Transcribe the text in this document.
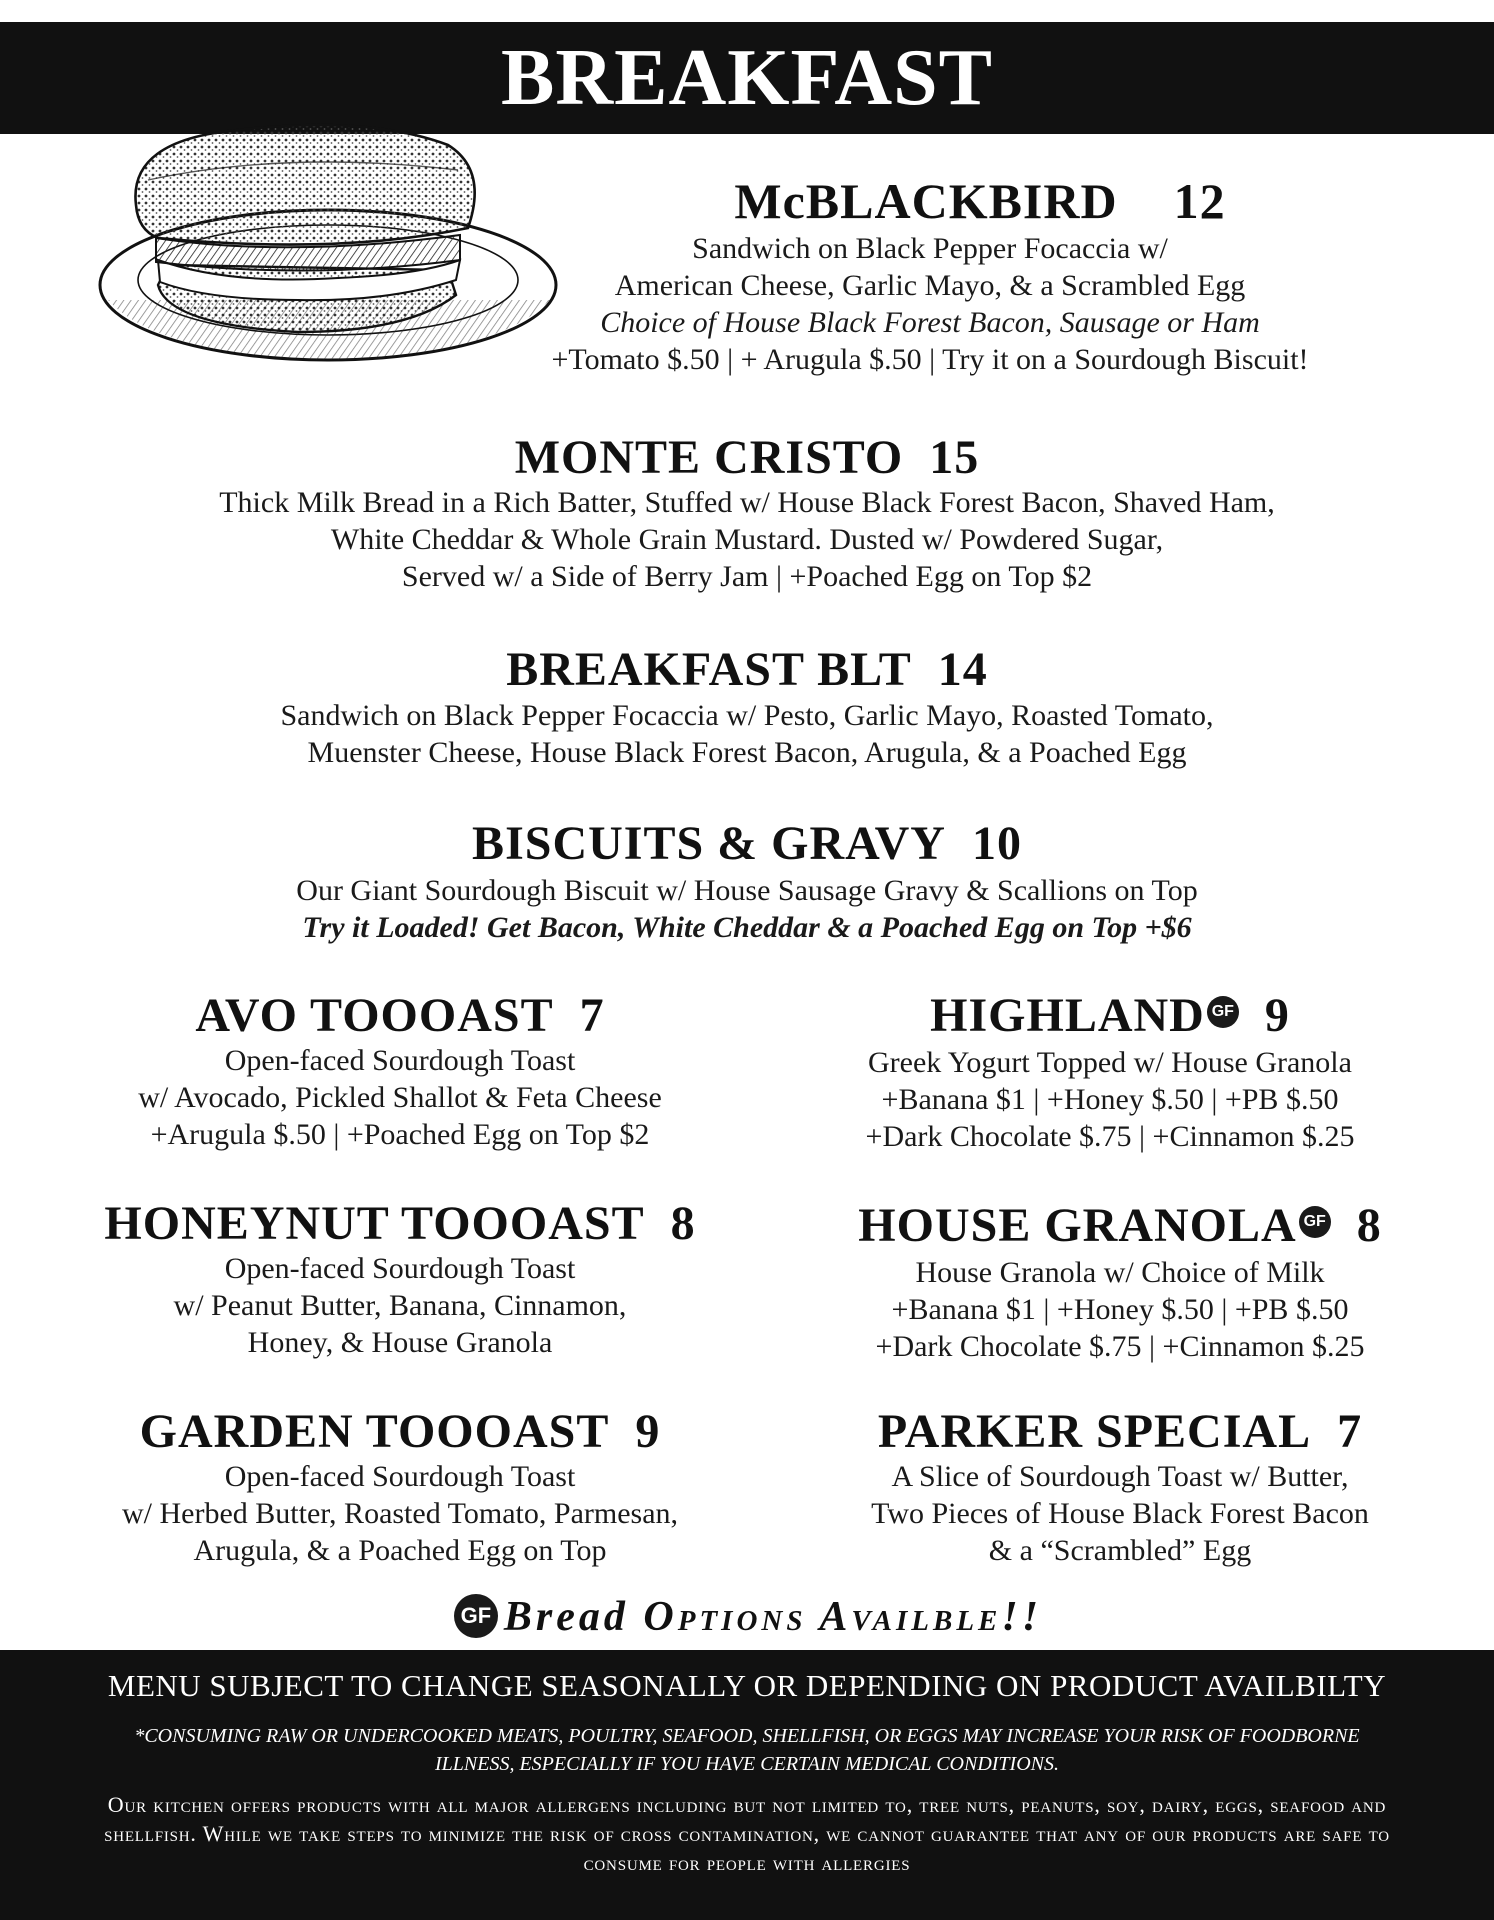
BREAKFAST
McBLACKBIRD 12
Sandwich on Black Pepper Focaccia w/
American Cheese, Garlic Mayo, & a Scrambled Egg
Choice of House Black Forest Bacon, Sausage or Ham
+Tomato $.50 | + Arugula $.50 | Try it on a Sourdough Biscuit!
MONTE CRISTO 15
Thick Milk Bread in a Rich Batter, Stuffed w/ House Black Forest Bacon, Shaved Ham,
White Cheddar & Whole Grain Mustard. Dusted w/ Powdered Sugar,
Served w/ a Side of Berry Jam | +Poached Egg on Top $2
BREAKFAST BLT 14
Sandwich on Black Pepper Focaccia w/ Pesto, Garlic Mayo, Roasted Tomato,
Muenster Cheese, House Black Forest Bacon, Arugula, & a Poached Egg
BISCUITS & GRAVY 10
Our Giant Sourdough Biscuit w/ House Sausage Gravy & Scallions on Top
Try it Loaded! Get Bacon, White Cheddar & a Poached Egg on Top +$6
AVO TOOOAST 7
Open-faced Sourdough Toast
w/ Avocado, Pickled Shallot & Feta Cheese
+Arugula $.50 | +Poached Egg on Top $2
HONEYNUT TOOOAST 8
Open-faced Sourdough Toast
w/ Peanut Butter, Banana, Cinnamon,
Honey, & House Granola
GARDEN TOOOAST 9
Open-faced Sourdough Toast
w/ Herbed Butter, Roasted Tomato, Parmesan,
Arugula, & a Poached Egg on Top
HIGHLAND GF 9
Greek Yogurt Topped w/ House Granola
+Banana $1 | +Honey $.50 | +PB $.50
+Dark Chocolate $.75 | +Cinnamon $.25
HOUSE GRANOLA GF 8
House Granola w/ Choice of Milk
+Banana $1 | +Honey $.50 | +PB $.50
+Dark Chocolate $.75 | +Cinnamon $.25
PARKER SPECIAL 7
A Slice of Sourdough Toast w/ Butter,
Two Pieces of House Black Forest Bacon
& a “Scrambled” Egg
GF Bread Options Availble!!
MENU SUBJECT TO CHANGE SEASONALLY OR DEPENDING ON PRODUCT AVAILBILTY
*CONSUMING RAW OR UNDERCOOKED MEATS, POULTRY, SEAFOOD, SHELLFISH, OR EGGS MAY INCREASE YOUR RISK OF FOODBORNE ILLNESS, ESPECIALLY IF YOU HAVE CERTAIN MEDICAL CONDITIONS.
Our kitchen offers products with all major allergens including but not limited to, tree nuts, peanuts, soy, dairy, eggs, seafood and shellfish. While we take steps to minimize the risk of cross contamination, we cannot guarantee that any of our products are safe to consume for people with allergies
